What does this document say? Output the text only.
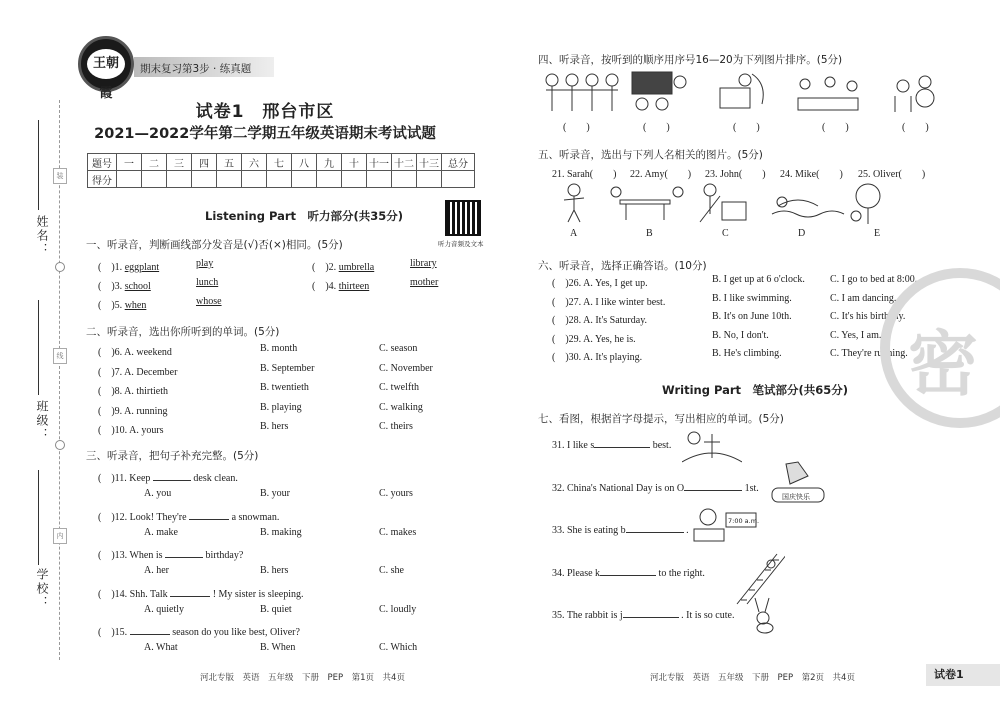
装
线
内
姓名：
班级：
学校：
王朝霞
期末复习第3步 · 练真题
试卷1　邢台市区
2021—2022学年第二学期五年级英语期末考试试题
题号	一	二	三	四	五	六	七	八	九	十	十一	十二	十三	总分
得分														
Listening Part　听力部分(共35分)
听力音频及文本
一、听录音，判断画线部分发音是(√)否(×)相同。(5分)
(　)1. eggplant	play	(　)2. umbrella	library
(　)3. school	lunch	(　)4. thirteen	mother
(　)5. when	whose
二、听录音，选出你所听到的单词。(5分)
(　)6. A. weekend	B. month	C. season
(　)7. A. December	B. September	C. November
(　)8. A. thirtieth	B. twentieth	C. twelfth
(　)9. A. running	B. playing	C. walking
(　)10. A. yours	B. hers	C. theirs
三、听录音，把句子补充完整。(5分)
(　)11. Keep	desk clean.
A. you	B. your	C. yours
(　)12. Look! They're	a snowman.
A. make	B. making	C. makes
(　)13. When is	birthday?
A. her	B. hers	C. she
(　)14. Shh. Talk	! My sister is sleeping.
A. quietly	B. quiet	C. loudly
(　)15.	season do you like best, Oliver?
A. What	B. When	C. Which
河北专版　英语　五年级　下册　PEP　第1页　共4页
四、听录音，按听到的顺序用序号16—20为下列图片排序。(5分)
(　　)	(　　)	(　　)	(　　)	(　　)
五、听录音，选出与下列人名相关的图片。(5分)
21. Sarah(　　) 22. Amy(　　) 23. John(　　) 24. Mike(　　) 25. Oliver(　　)
A	B	C	D	E
六、听录音，选择正确答语。(10分)
(　)26. A. Yes, I get up.	B. I get up at 6 o'clock.	C. I go to bed at 8:00.
(　)27. A. I like winter best.	B. I like swimming.	C. I am dancing.
(　)28. A. It's Saturday.	B. It's on June 10th.	C. It's his birthday.
(　)29. A. Yes, he is.	B. No, I don't.	C. Yes, I am.
(　)30. A. It's playing.	B. He's climbing.	C. They're running.
Writing Part　笔试部分(共65分)
七、看图，根据首字母提示，写出相应的单词。(5分)
31. I like s	best.
32. China's National Day is on O	1st.
33. She is eating b	.
34. Please k	to the right.
35. The rabbit is j	. It is so cute.
国庆快乐
7:00 a.m.
密
河北专版　英语　五年级　下册　PEP　第2页　共4页	试卷1
